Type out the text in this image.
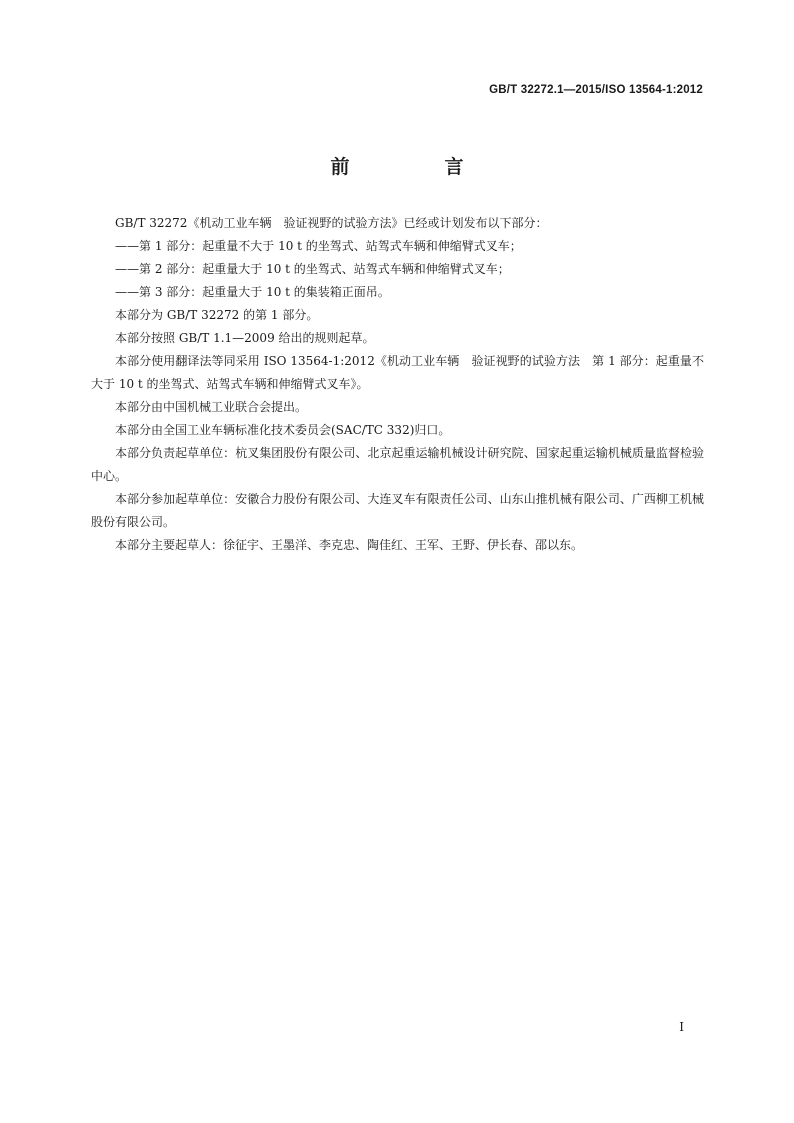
GB/T 32272.1—2015/ISO 13564-1:2012
前　言

GB/T 32272《机动工业车辆　验证视野的试验方法》已经或计划发布以下部分：

——第 1 部分：起重量不大于 10 t 的坐驾式、站驾式车辆和伸缩臂式叉车；

——第 2 部分：起重量大于 10 t 的坐驾式、站驾式车辆和伸缩臂式叉车；

——第 3 部分：起重量大于 10 t 的集装箱正面吊。

本部分为 GB/T 32272 的第 1 部分。

本部分按照 GB/T 1.1—2009 给出的规则起草。

本部分使用翻译法等同采用 ISO 13564-1:2012《机动工业车辆　验证视野的试验方法　第 1 部分：起重量不大于 10 t 的坐驾式、站驾式车辆和伸缩臂式叉车》。

本部分由中国机械工业联合会提出。

本部分由全国工业车辆标准化技术委员会(SAC/TC 332)归口。

本部分负责起草单位：杭叉集团股份有限公司、北京起重运输机械设计研究院、国家起重运输机械质量监督检验中心。

本部分参加起草单位：安徽合力股份有限公司、大连叉车有限责任公司、山东山推机械有限公司、广西柳工机械股份有限公司。

本部分主要起草人：徐征宇、王墨洋、李克忠、陶佳红、王军、王野、伊长春、邵以东。

I
